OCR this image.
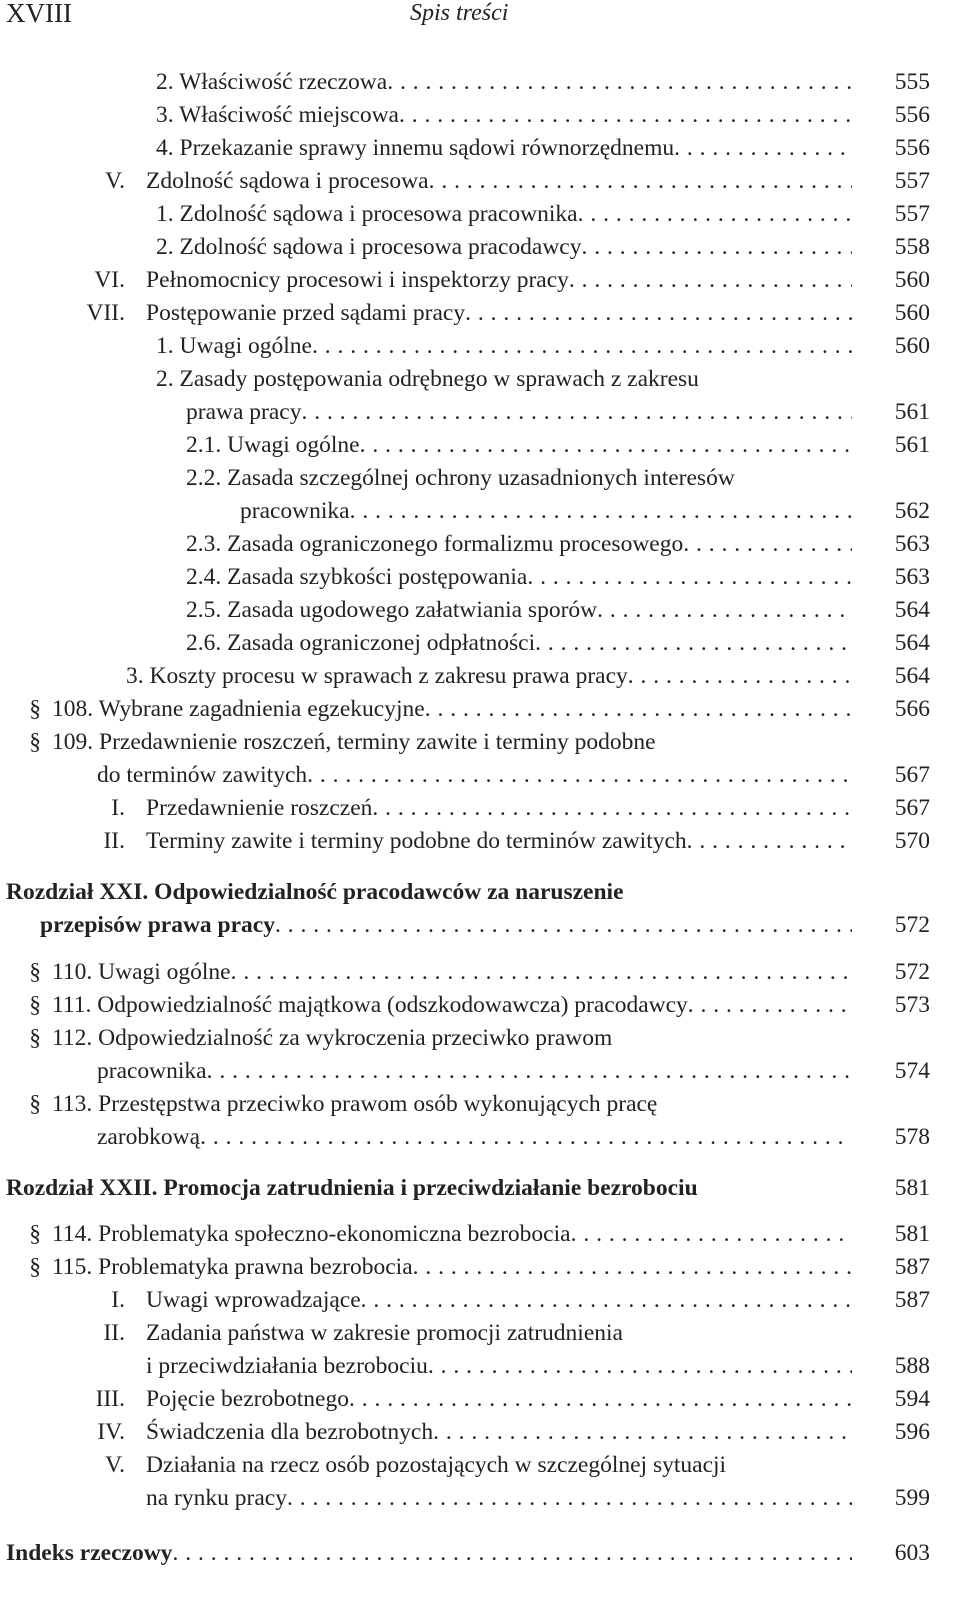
XVIII	Spis treści
2. Właściwość rzeczowa . . .	555
3. Właściwość miejscowa . . .	556
4. Przekazanie sprawy innemu sądowi równorzędnemu . . .	556
V. Zdolność sądowa i procesowa . . .	557
1. Zdolność sądowa i procesowa pracownika . . .	557
2. Zdolność sądowa i procesowa pracodawcy . . .	558
VI. Pełnomocnicy procesowi i inspektorzy pracy . . .	560
VII. Postępowanie przed sądami pracy . . .	560
1. Uwagi ogólne . . .	560
2. Zasady postępowania odrębnego w sprawach z zakresu
prawa pracy . . .	561
2.1. Uwagi ogólne . . .	561
2.2. Zasada szczególnej ochrony uzasadnionych interesów
pracownika . . .	562
2.3. Zasada ograniczonego formalizmu procesowego . . .	563
2.4. Zasada szybkości postępowania . . .	563
2.5. Zasada ugodowego załatwiania sporów . . .	564
2.6. Zasada ograniczonej odpłatności . . .	564
3. Koszty procesu w sprawach z zakresu prawa pracy . . .	564
§ 108. Wybrane zagadnienia egzekucyjne . . .	566
§ 109. Przedawnienie roszczeń, terminy zawite i terminy podobne
do terminów zawitych . . .	567
I. Przedawnienie roszczeń . . .	567
II. Terminy zawite i terminy podobne do terminów zawitych . . .	570
Rozdział XXI. Odpowiedzialność pracodawców za naruszenie
przepisów prawa pracy . . .	572
§ 110. Uwagi ogólne . . .	572
§ 111. Odpowiedzialność majątkowa (odszkodowawcza) pracodawcy . . .	573
§ 112. Odpowiedzialność za wykroczenia przeciwko prawom
pracownika . . .	574
§ 113. Przestępstwa przeciwko prawom osób wykonujących pracę
zarobkową . . .	578
Rozdział XXII. Promocja zatrudnienia i przeciwdziałanie bezrobociu	581
§ 114. Problematyka społeczno-ekonomiczna bezrobocia . . .	581
§ 115. Problematyka prawna bezrobocia . . .	587
I. Uwagi wprowadzające . . .	587
II. Zadania państwa w zakresie promocji zatrudnienia
i przeciwdziałania bezrobociu . . .	588
III. Pojęcie bezrobotnego . . .	594
IV. Świadczenia dla bezrobotnych . . .	596
V. Działania na rzecz osób pozostających w szczególnej sytuacji
na rynku pracy . . .	599
Indeks rzeczowy . . .	603
